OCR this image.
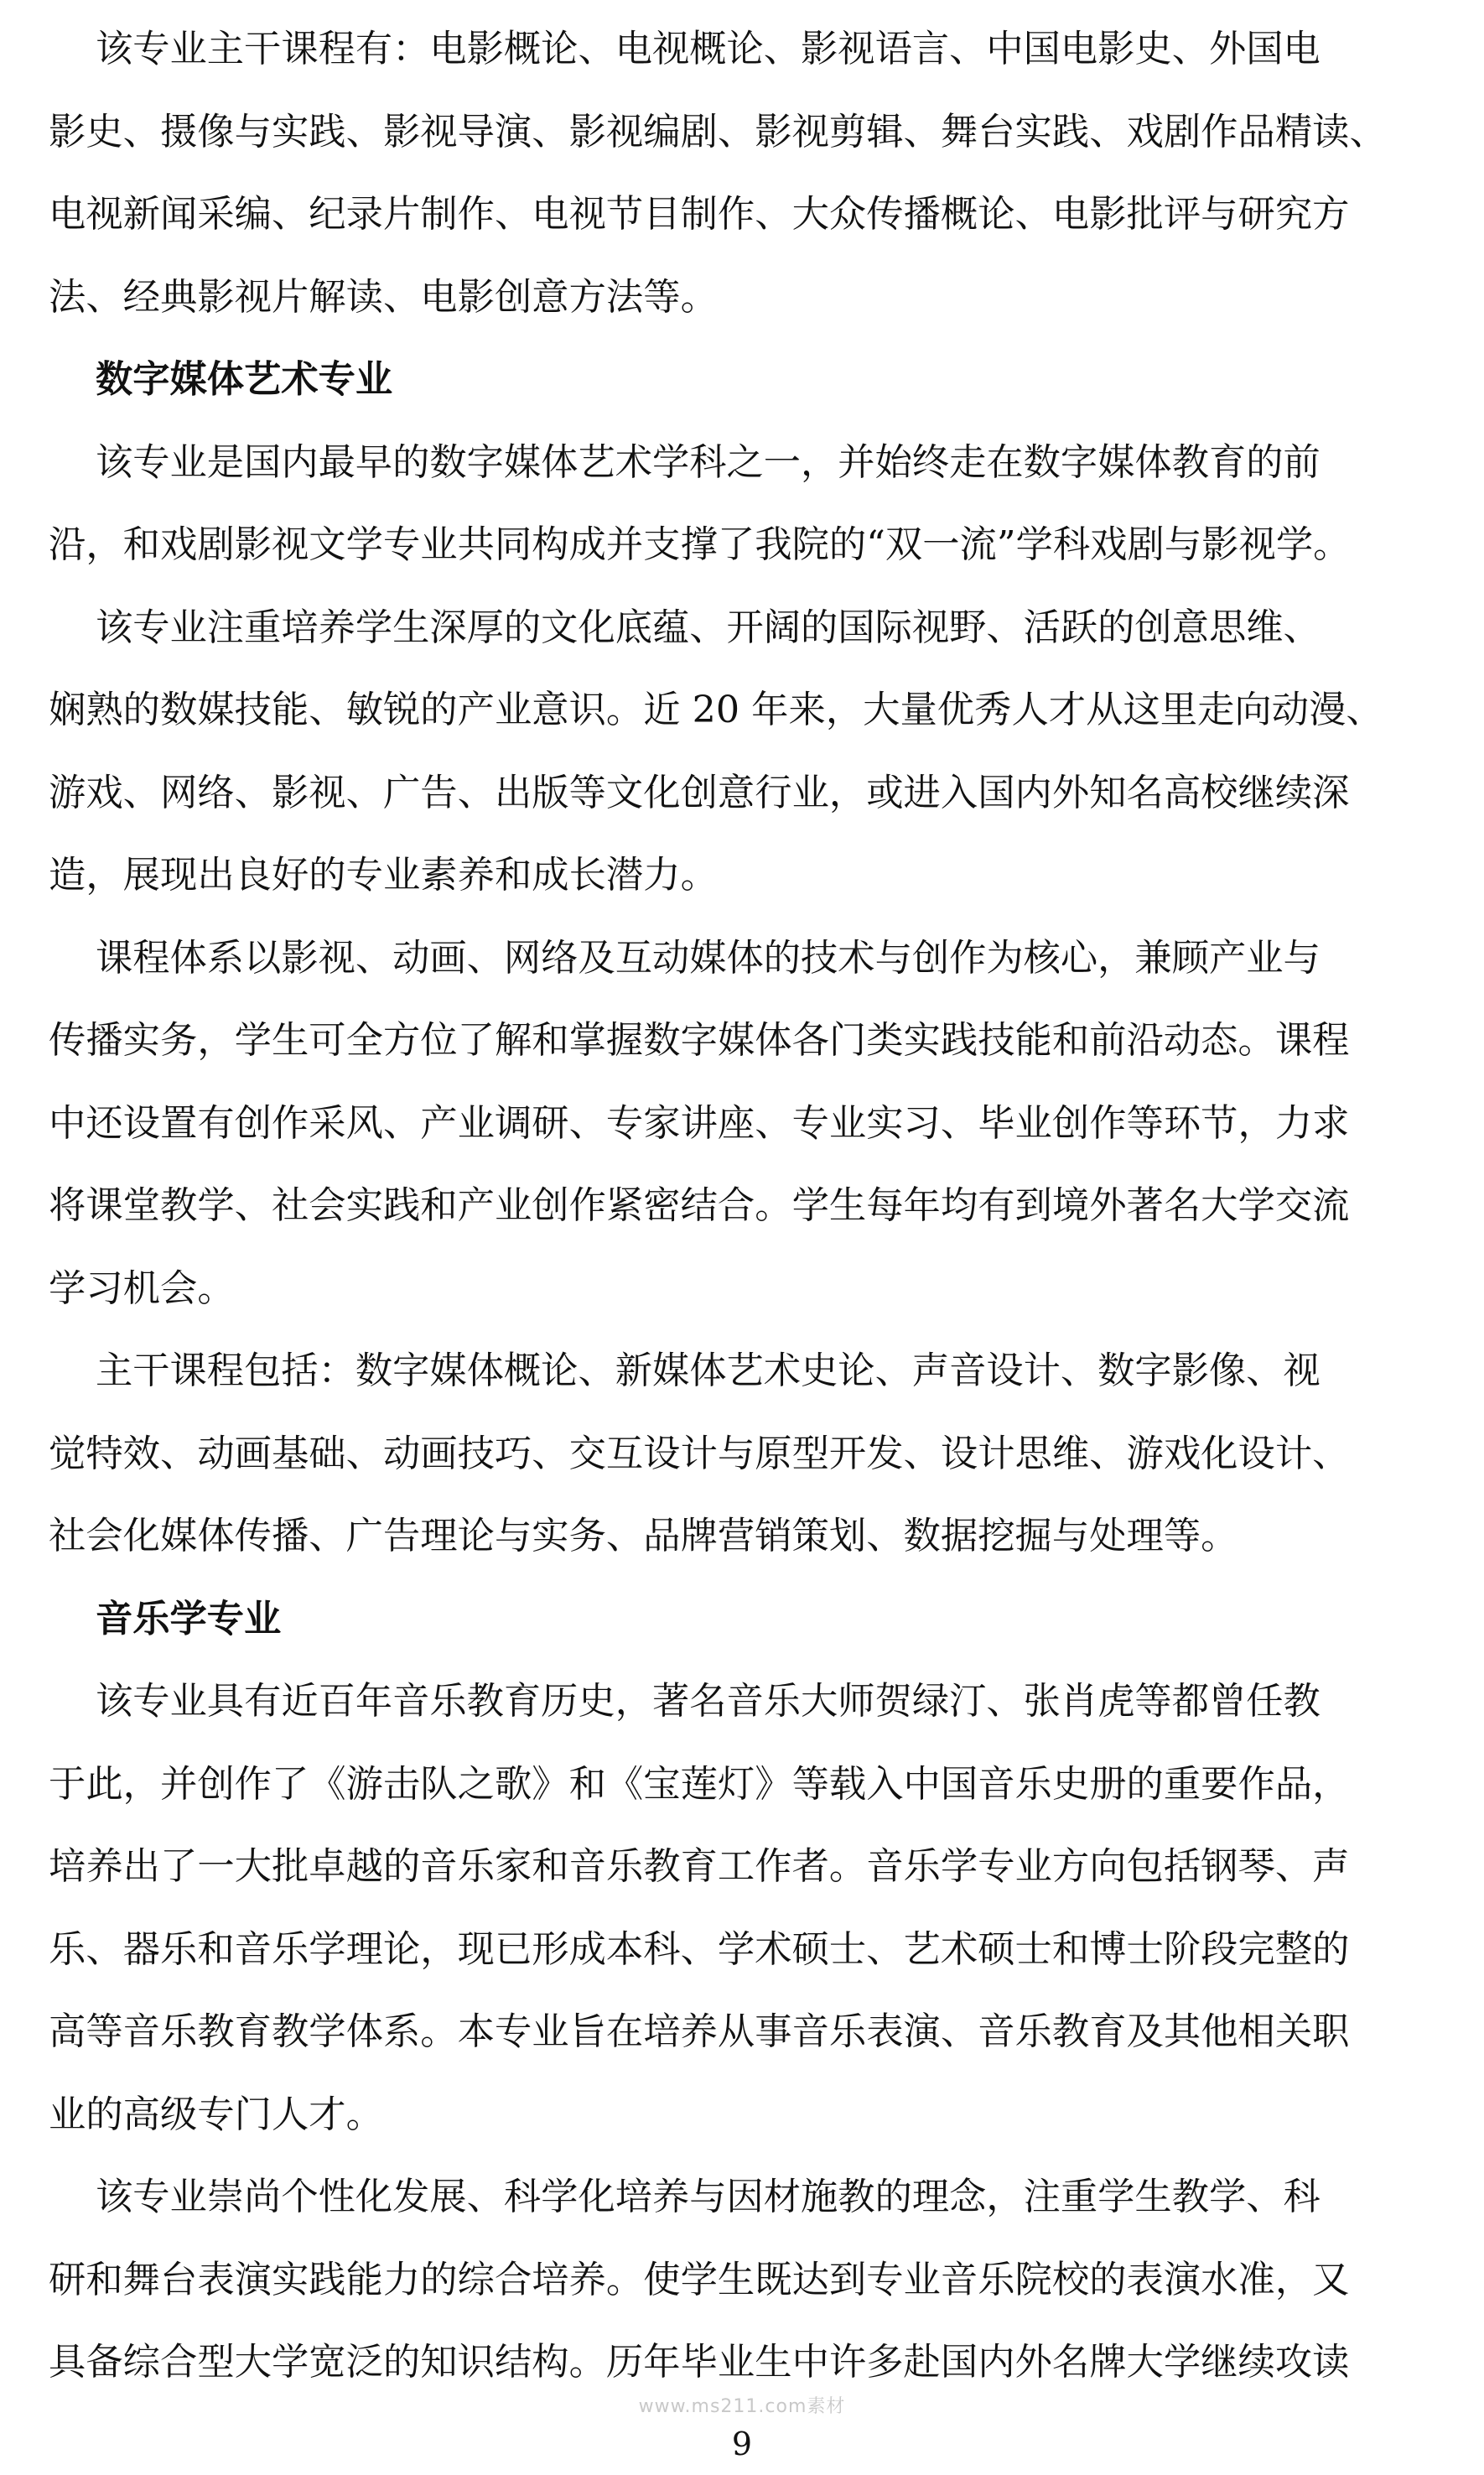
该专业主干课程有：电影概论、电视概论、影视语言、中国电影史、外国电
影史、摄像与实践、影视导演、影视编剧、影视剪辑、舞台实践、戏剧作品精读、
电视新闻采编、纪录片制作、电视节目制作、大众传播概论、电影批评与研究方
法、经典影视片解读、电影创意方法等。
数字媒体艺术专业
该专业是国内最早的数字媒体艺术学科之一，并始终走在数字媒体教育的前
沿，和戏剧影视文学专业共同构成并支撑了我院的“双一流”学科戏剧与影视学。
该专业注重培养学生深厚的文化底蕴、开阔的国际视野、活跃的创意思维、
娴熟的数媒技能、敏锐的产业意识。近 20 年来，大量优秀人才从这里走向动漫、
游戏、网络、影视、广告、出版等文化创意行业，或进入国内外知名高校继续深
造，展现出良好的专业素养和成长潜力。
课程体系以影视、动画、网络及互动媒体的技术与创作为核心，兼顾产业与
传播实务，学生可全方位了解和掌握数字媒体各门类实践技能和前沿动态。课程
中还设置有创作采风、产业调研、专家讲座、专业实习、毕业创作等环节，力求
将课堂教学、社会实践和产业创作紧密结合。学生每年均有到境外著名大学交流
学习机会。
主干课程包括：数字媒体概论、新媒体艺术史论、声音设计、数字影像、视
觉特效、动画基础、动画技巧、交互设计与原型开发、设计思维、游戏化设计、
社会化媒体传播、广告理论与实务、品牌营销策划、数据挖掘与处理等。
音乐学专业
该专业具有近百年音乐教育历史，著名音乐大师贺绿汀、张肖虎等都曾任教
于此，并创作了《游击队之歌》和《宝莲灯》等载入中国音乐史册的重要作品，
培养出了一大批卓越的音乐家和音乐教育工作者。音乐学专业方向包括钢琴、声
乐、器乐和音乐学理论，现已形成本科、学术硕士、艺术硕士和博士阶段完整的
高等音乐教育教学体系。本专业旨在培养从事音乐表演、音乐教育及其他相关职
业的高级专门人才。
该专业崇尚个性化发展、科学化培养与因材施教的理念，注重学生教学、科
研和舞台表演实践能力的综合培养。使学生既达到专业音乐院校的表演水准，又
具备综合型大学宽泛的知识结构。历年毕业生中许多赴国内外名牌大学继续攻读
www.ms211.com素材
9
